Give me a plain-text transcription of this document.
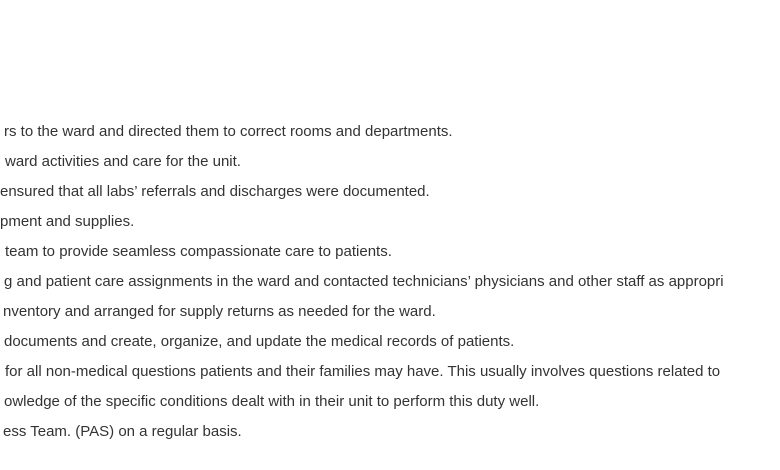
rs to the ward and directed them to correct rooms and departments.
ward activities and care for the unit.
ensured that all labs’ referrals and discharges were documented.
pment and supplies.
team to provide seamless compassionate care to patients.
g and patient care assignments in the ward and contacted technicians’ physicians and other staff as appropri
nventory and arranged for supply returns as needed for the ward.
documents and create, organize, and update the medical records of patients.
for all non-medical questions patients and their families may have. This usually involves questions related to
owledge of the specific conditions dealt with in their unit to perform this duty well.
ess Team. (PAS) on a regular basis.
